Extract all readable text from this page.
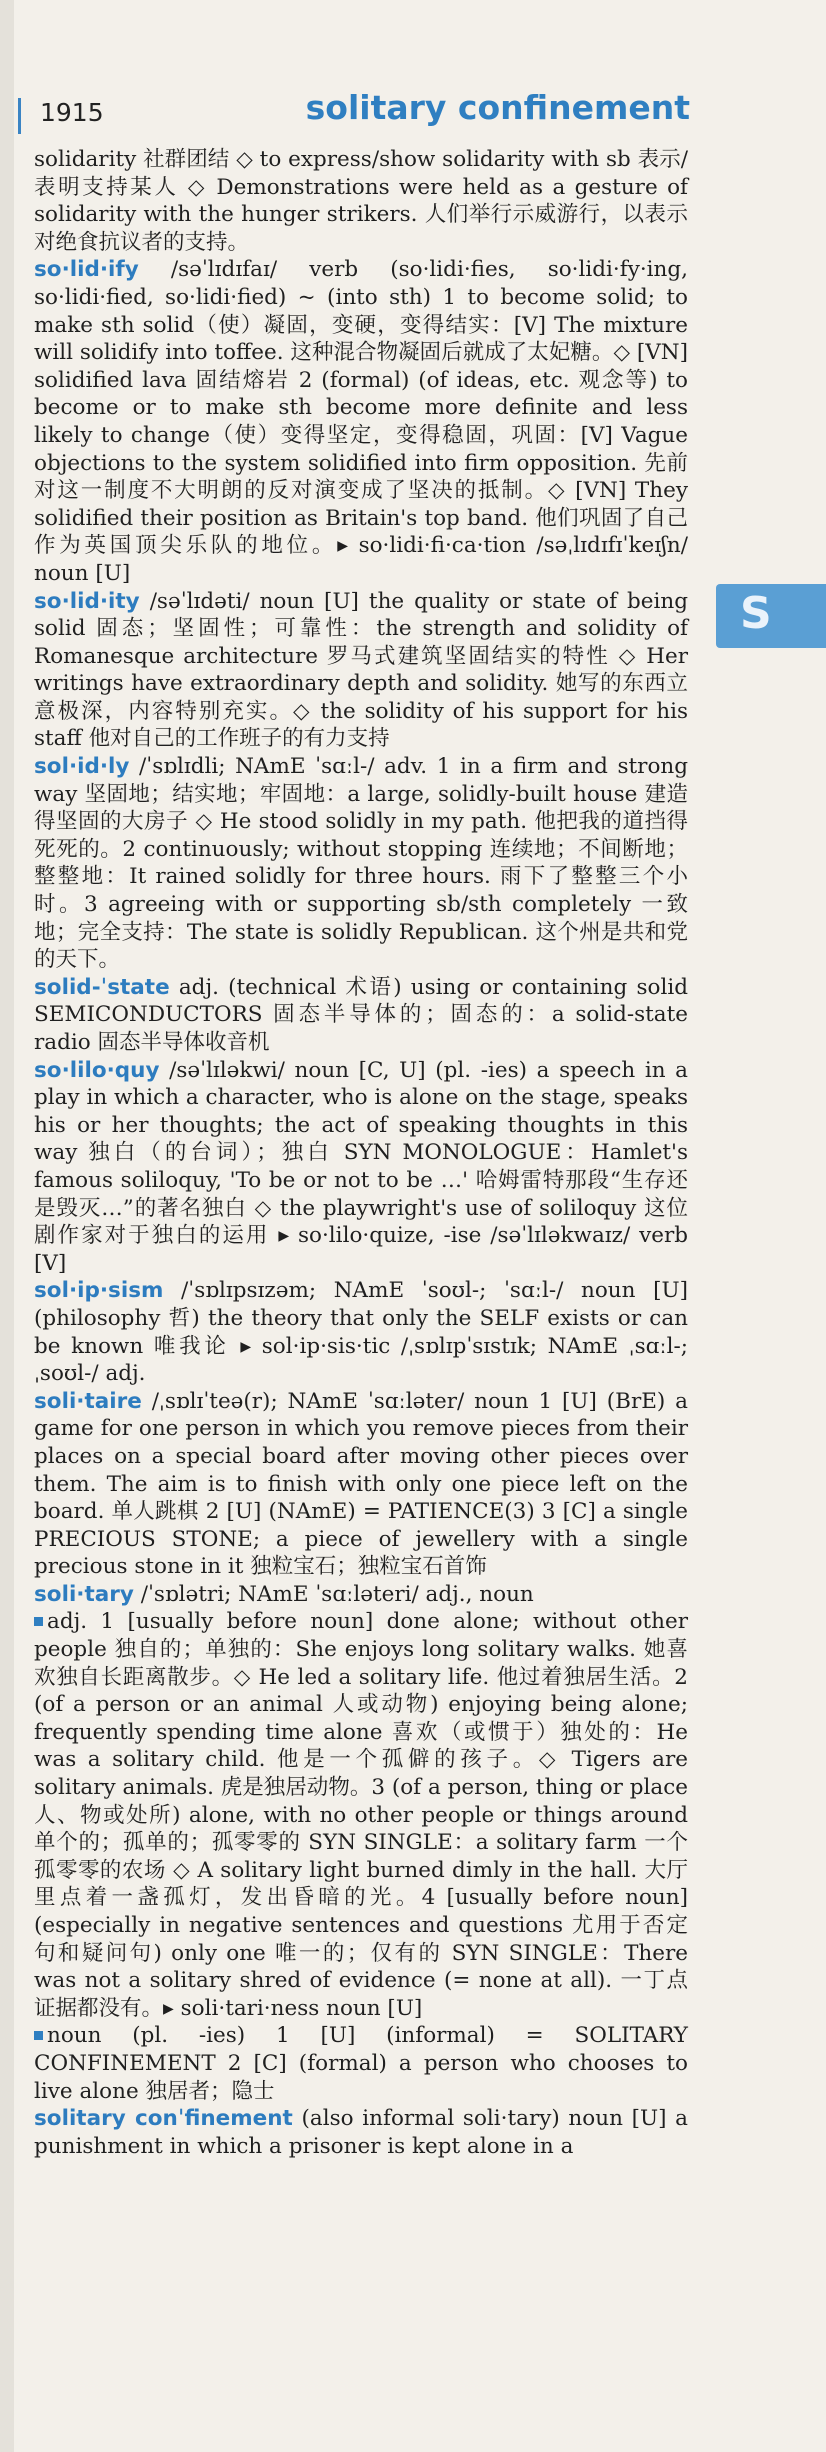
1915	solitary confinement
S

solidarity 社群团结 ◇ to express/show solidarity with sb 表示/表明支持某人 ◇ Demonstrations were held as a gesture of solidarity with the hunger strikers. 人们举行示威游行，以表示对绝食抗议者的支持。

so·lid·ify /səˈlɪdɪfaɪ/ verb (so·lidi·fies, so·lidi·fy·ing, so·lidi·fied, so·lidi·fied) ~ (into sth) 1 to become solid; to make sth solid（使）凝固，变硬，变得结实：[V] The mixture will solidify into toffee. 这种混合物凝固后就成了太妃糖。◇ [VN] solidified lava 固结熔岩 2 (formal) (of ideas, etc. 观念等) to become or to make sth become more definite and less likely to change（使）变得坚定，变得稳固，巩固：[V] Vague objections to the system solidified into firm opposition. 先前对这一制度不大明朗的反对演变成了坚决的抵制。◇ [VN] They solidified their position as Britain's top band. 他们巩固了自己作为英国顶尖乐队的地位。▸ so·lidi·fi·ca·tion /səˌlɪdɪfɪˈkeɪʃn/ noun [U]

so·lid·ity /səˈlɪdəti/ noun [U] the quality or state of being solid 固态；坚固性；可靠性：the strength and solidity of Romanesque architecture 罗马式建筑坚固结实的特性 ◇ Her writings have extraordinary depth and solidity. 她写的东西立意极深，内容特别充实。◇ the solidity of his support for his staff 他对自己的工作班子的有力支持

sol·id·ly /ˈsɒlɪdli; NAmE ˈsɑːl-/ adv. 1 in a firm and strong way 坚固地；结实地；牢固地：a large, solidly-built house 建造得坚固的大房子 ◇ He stood solidly in my path. 他把我的道挡得死死的。2 continuously; without stopping 连续地；不间断地；整整地：It rained solidly for three hours. 雨下了整整三个小时。3 agreeing with or supporting sb/sth completely 一致地；完全支持：The state is solidly Republican. 这个州是共和党的天下。

solid-ˈstate adj. (technical 术语) using or containing solid SEMICONDUCTORS 固态半导体的；固态的：a solid-state radio 固态半导体收音机

so·lilo·quy /səˈlɪləkwi/ noun [C, U] (pl. -ies) a speech in a play in which a character, who is alone on the stage, speaks his or her thoughts; the act of speaking thoughts in this way 独白（的台词）；独白 SYN MONOLOGUE：Hamlet's famous soliloquy, 'To be or not to be …' 哈姆雷特那段“生存还是毁灭…”的著名独白 ◇ the playwright's use of soliloquy 这位剧作家对于独白的运用 ▸ so·lilo·quize, -ise /səˈlɪləkwaɪz/ verb [V]

sol·ip·sism /ˈsɒlɪpsɪzəm; NAmE ˈsoʊl-; ˈsɑːl-/ noun [U] (philosophy 哲) the theory that only the SELF exists or can be known 唯我论 ▸ sol·ip·sis·tic /ˌsɒlɪpˈsɪstɪk; NAmE ˌsɑːl-; ˌsoʊl-/ adj.

soli·taire /ˌsɒlɪˈteə(r); NAmE ˈsɑːləter/ noun 1 [U] (BrE) a game for one person in which you remove pieces from their places on a special board after moving other pieces over them. The aim is to finish with only one piece left on the board. 单人跳棋 2 [U] (NAmE) = PATIENCE(3) 3 [C] a single PRECIOUS STONE; a piece of jewellery with a single precious stone in it 独粒宝石；独粒宝石首饰

soli·tary /ˈsɒlətri; NAmE ˈsɑːləteri/ adj., noun

adj. 1 [usually before noun] done alone; without other people 独自的；单独的：She enjoys long solitary walks. 她喜欢独自长距离散步。◇ He led a solitary life. 他过着独居生活。2 (of a person or an animal 人或动物) enjoying being alone; frequently spending time alone 喜欢（或惯于）独处的：He was a solitary child. 他是一个孤僻的孩子。◇ Tigers are solitary animals. 虎是独居动物。3 (of a person, thing or place 人、物或处所) alone, with no other people or things around 单个的；孤单的；孤零零的 SYN SINGLE：a solitary farm 一个孤零零的农场 ◇ A solitary light burned dimly in the hall. 大厅里点着一盏孤灯，发出昏暗的光。4 [usually before noun] (especially in negative sentences and questions 尤用于否定句和疑问句) only one 唯一的；仅有的 SYN SINGLE：There was not a solitary shred of evidence (= none at all). 一丁点证据都没有。▸ soli·tari·ness noun [U]

noun (pl. -ies) 1 [U] (informal) = SOLITARY CONFINEMENT 2 [C] (formal) a person who chooses to live alone 独居者；隐士

solitary conˈfinement (also informal soli·tary) noun [U] a punishment in which a prisoner is kept alone in a
